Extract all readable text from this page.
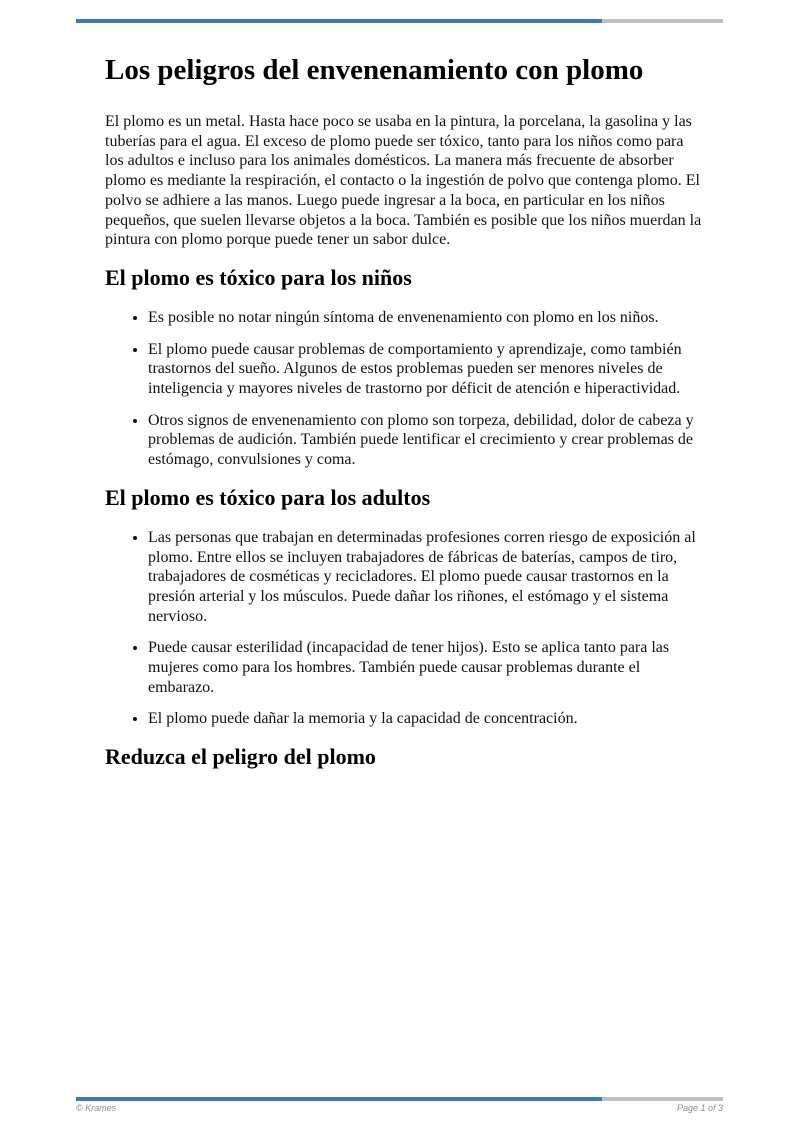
Los peligros del envenenamiento con plomo

El plomo es un metal. Hasta hace poco se usaba en la pintura, la porcelana, la gasolina y las tuberías para el agua. El exceso de plomo puede ser tóxico, tanto para los niños como para los adultos e incluso para los animales domésticos. La manera más frecuente de absorber plomo es mediante la respiración, el contacto o la ingestión de polvo que contenga plomo. El polvo se adhiere a las manos. Luego puede ingresar a la boca, en particular en los niños pequeños, que suelen llevarse objetos a la boca. También es posible que los niños muerdan la pintura con plomo porque puede tener un sabor dulce.

El plomo es tóxico para los niños
• Es posible no notar ningún síntoma de envenenamiento con plomo en los niños.
• El plomo puede causar problemas de comportamiento y aprendizaje, como también trastornos del sueño. Algunos de estos problemas pueden ser menores niveles de inteligencia y mayores niveles de trastorno por déficit de atención e hiperactividad.
• Otros signos de envenenamiento con plomo son torpeza, debilidad, dolor de cabeza y problemas de audición. También puede lentificar el crecimiento y crear problemas de estómago, convulsiones y coma.
El plomo es tóxico para los adultos
• Las personas que trabajan en determinadas profesiones corren riesgo de exposición al plomo. Entre ellos se incluyen trabajadores de fábricas de baterías, campos de tiro, trabajadores de cosméticas y recicladores. El plomo puede causar trastornos en la presión arterial y los músculos. Puede dañar los riñones, el estómago y el sistema nervioso.
• Puede causar esterilidad (incapacidad de tener hijos). Esto se aplica tanto para las mujeres como para los hombres. También puede causar problemas durante el embarazo.
• El plomo puede dañar la memoria y la capacidad de concentración.
Reduzca el peligro del plomo
© Krames	Page 1 of 3
